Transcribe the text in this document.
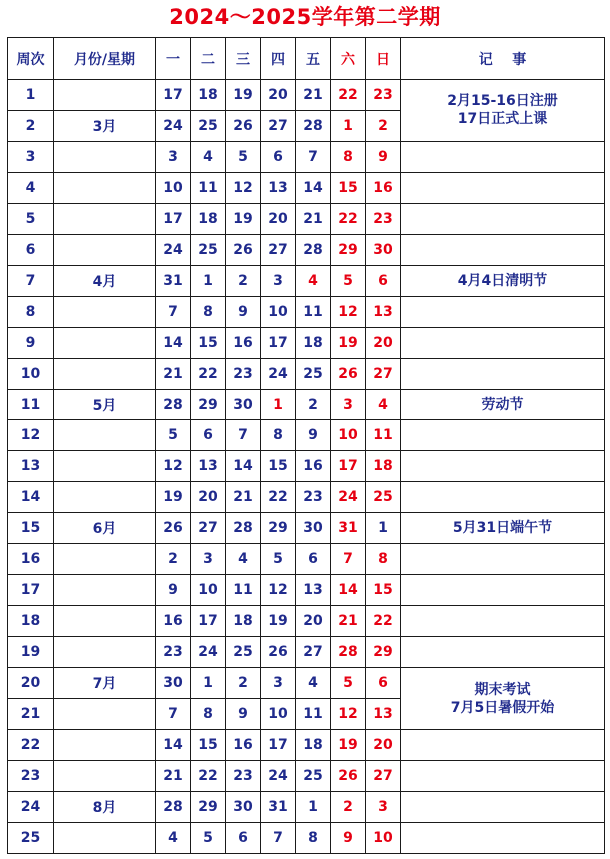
2024～2025学年第二学期
周次	月份/星期	一	二	三	四	五	六	日	记    事
1		17	18	19	20	21	22	23	2月15-16日注册
17日正式上课

2	3月	24	25	26	27	28	1	2	
3		3	4	5	6	7	8	9	
4		10	11	12	13	14	15	16	
5		17	18	19	20	21	22	23	
6		24	25	26	27	28	29	30	
7	4月	31	1	2	3	4	5	6	4月4日清明节

8		7	8	9	10	11	12	13	
9		14	15	16	17	18	19	20	
10		21	22	23	24	25	26	27	
11	5月	28	29	30	1	2	3	4	劳动节

12		5	6	7	8	9	10	11	
13		12	13	14	15	16	17	18	
14		19	20	21	22	23	24	25	
15	6月	26	27	28	29	30	31	1	5月31日端午节

16		2	3	4	5	6	7	8	
17		9	10	11	12	13	14	15	
18		16	17	18	19	20	21	22	
19		23	24	25	26	27	28	29	
20	7月	30	1	2	3	4	5	6	期末考试
7月5日暑假开始

21		7	8	9	10	11	12	13	
22		14	15	16	17	18	19	20	
23		21	22	23	24	25	26	27	
24	8月	28	29	30	31	1	2	3	
25		4	5	6	7	8	9	10	
